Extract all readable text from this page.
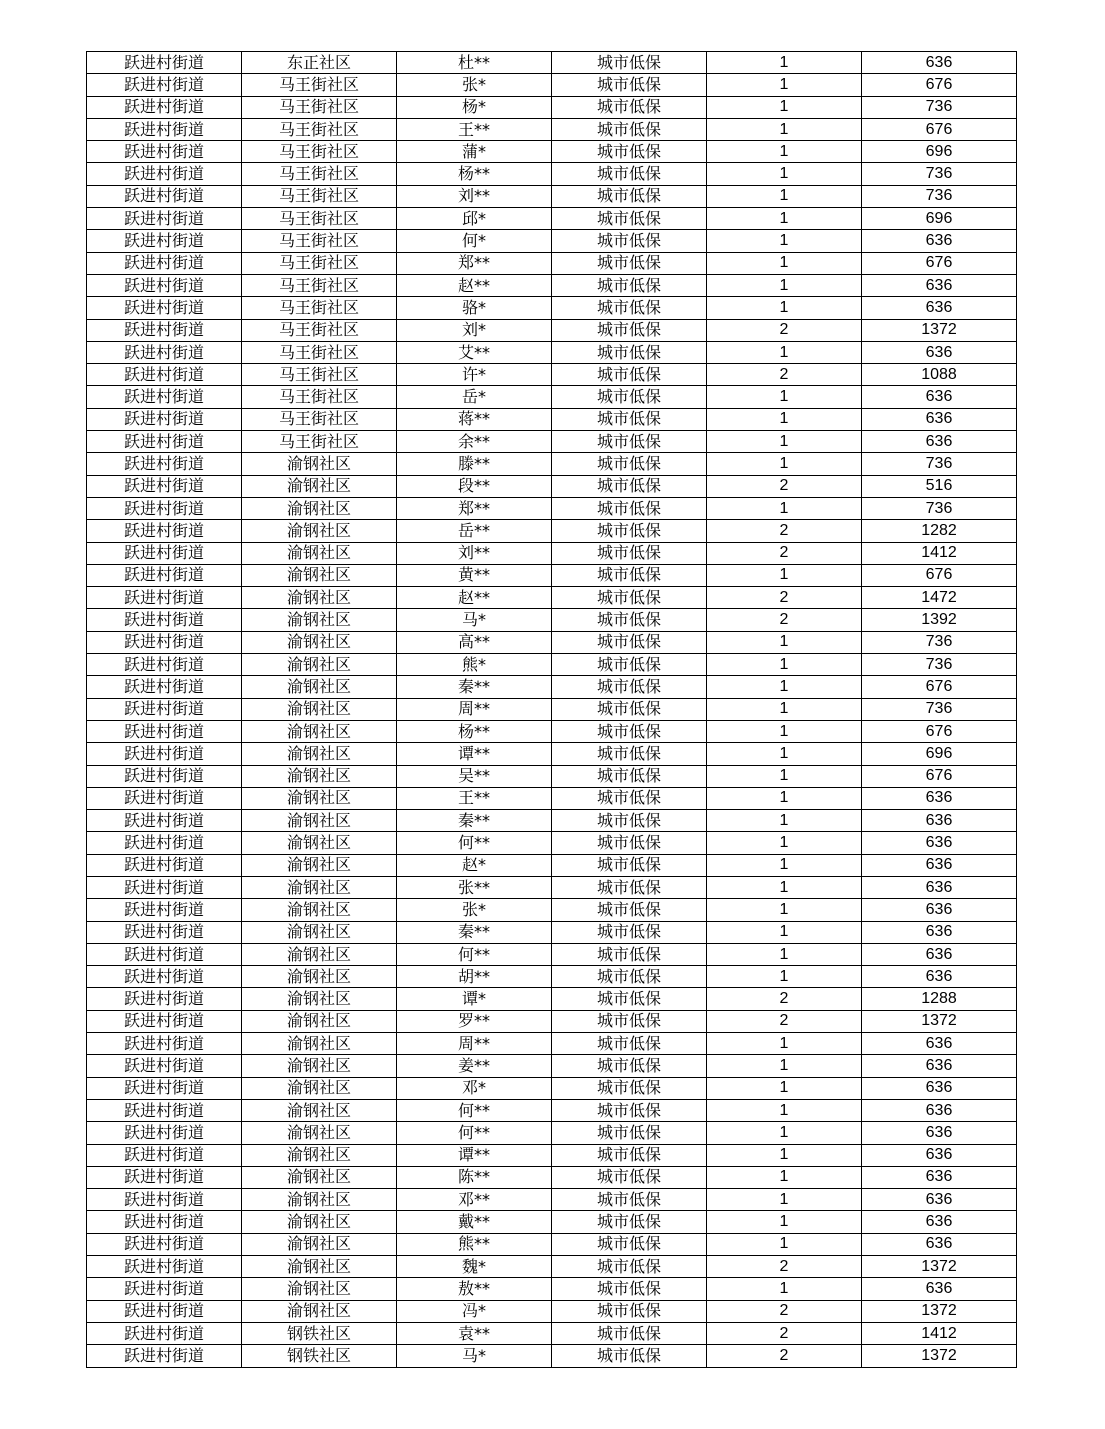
跃进村街道	东正社区	杜**	城市低保	1	636
跃进村街道	马王街社区	张*	城市低保	1	676
跃进村街道	马王街社区	杨*	城市低保	1	736
跃进村街道	马王街社区	王**	城市低保	1	676
跃进村街道	马王街社区	蒲*	城市低保	1	696
跃进村街道	马王街社区	杨**	城市低保	1	736
跃进村街道	马王街社区	刘**	城市低保	1	736
跃进村街道	马王街社区	邱*	城市低保	1	696
跃进村街道	马王街社区	何*	城市低保	1	636
跃进村街道	马王街社区	郑**	城市低保	1	676
跃进村街道	马王街社区	赵**	城市低保	1	636
跃进村街道	马王街社区	骆*	城市低保	1	636
跃进村街道	马王街社区	刘*	城市低保	2	1372
跃进村街道	马王街社区	艾**	城市低保	1	636
跃进村街道	马王街社区	许*	城市低保	2	1088
跃进村街道	马王街社区	岳*	城市低保	1	636
跃进村街道	马王街社区	蒋**	城市低保	1	636
跃进村街道	马王街社区	余**	城市低保	1	636
跃进村街道	渝钢社区	滕**	城市低保	1	736
跃进村街道	渝钢社区	段**	城市低保	2	516
跃进村街道	渝钢社区	郑**	城市低保	1	736
跃进村街道	渝钢社区	岳**	城市低保	2	1282
跃进村街道	渝钢社区	刘**	城市低保	2	1412
跃进村街道	渝钢社区	黄**	城市低保	1	676
跃进村街道	渝钢社区	赵**	城市低保	2	1472
跃进村街道	渝钢社区	马*	城市低保	2	1392
跃进村街道	渝钢社区	高**	城市低保	1	736
跃进村街道	渝钢社区	熊*	城市低保	1	736
跃进村街道	渝钢社区	秦**	城市低保	1	676
跃进村街道	渝钢社区	周**	城市低保	1	736
跃进村街道	渝钢社区	杨**	城市低保	1	676
跃进村街道	渝钢社区	谭**	城市低保	1	696
跃进村街道	渝钢社区	吴**	城市低保	1	676
跃进村街道	渝钢社区	王**	城市低保	1	636
跃进村街道	渝钢社区	秦**	城市低保	1	636
跃进村街道	渝钢社区	何**	城市低保	1	636
跃进村街道	渝钢社区	赵*	城市低保	1	636
跃进村街道	渝钢社区	张**	城市低保	1	636
跃进村街道	渝钢社区	张*	城市低保	1	636
跃进村街道	渝钢社区	秦**	城市低保	1	636
跃进村街道	渝钢社区	何**	城市低保	1	636
跃进村街道	渝钢社区	胡**	城市低保	1	636
跃进村街道	渝钢社区	谭*	城市低保	2	1288
跃进村街道	渝钢社区	罗**	城市低保	2	1372
跃进村街道	渝钢社区	周**	城市低保	1	636
跃进村街道	渝钢社区	姜**	城市低保	1	636
跃进村街道	渝钢社区	邓*	城市低保	1	636
跃进村街道	渝钢社区	何**	城市低保	1	636
跃进村街道	渝钢社区	何**	城市低保	1	636
跃进村街道	渝钢社区	谭**	城市低保	1	636
跃进村街道	渝钢社区	陈**	城市低保	1	636
跃进村街道	渝钢社区	邓**	城市低保	1	636
跃进村街道	渝钢社区	戴**	城市低保	1	636
跃进村街道	渝钢社区	熊**	城市低保	1	636
跃进村街道	渝钢社区	魏*	城市低保	2	1372
跃进村街道	渝钢社区	敖**	城市低保	1	636
跃进村街道	渝钢社区	冯*	城市低保	2	1372
跃进村街道	钢铁社区	袁**	城市低保	2	1412
跃进村街道	钢铁社区	马*	城市低保	2	1372
